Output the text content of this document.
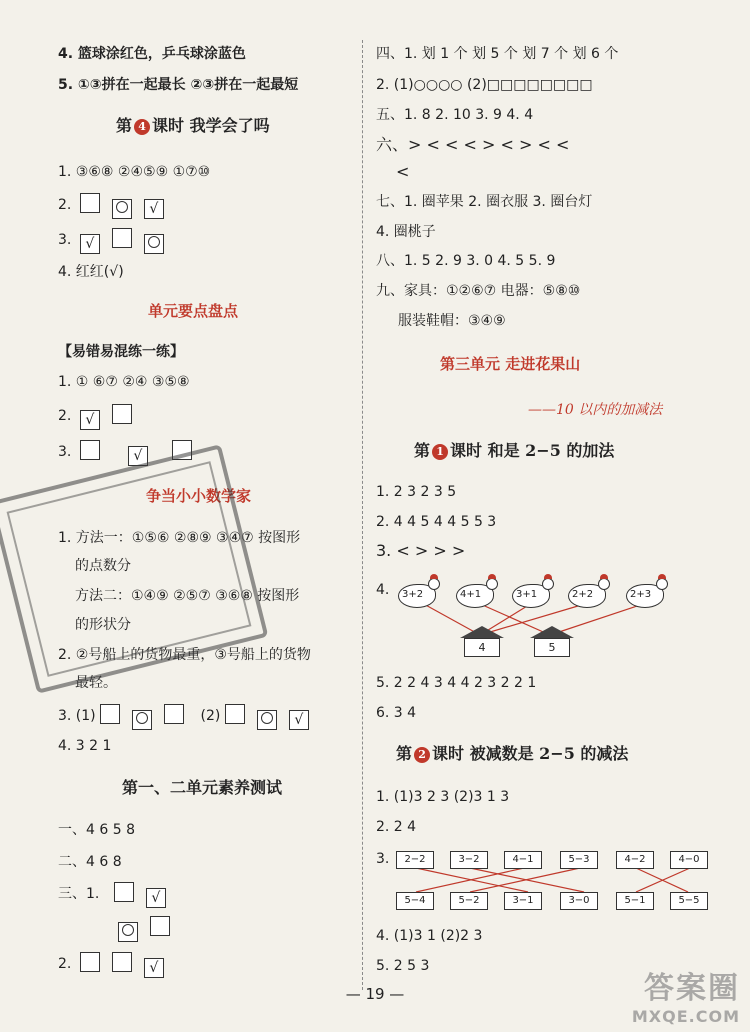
4. 篮球涂红色，乒乓球涂蓝色
5. ①③拼在一起最长 ②③拼在一起最短
第 4 课时 我学会了吗
1. ③⑥⑧ ②④⑤⑨ ①⑦⑩
2. √
3. √
4. 红红(√)
单元要点盘点
【易错易混练一练】
1. ① ⑥⑦ ②④ ③⑤⑧
2. √
3. √
争当小小数学家
1. 方法一：①⑤⑥ ②⑧⑨ ③④⑦ 按图形
的点数分
方法二：①④⑨ ②⑤⑦ ③⑥⑧ 按图形
的形状分
2. ②号船上的货物最重，③号船上的货物
最轻。
3. (1)	(2) √
4. 3 2 1
第一、二单元素养测试
一、4 6 5 8
二、4 6 8
三、1. √
2. √
四、1. 划 1 个 划 5 个 划 7 个 划 6 个
2. (1)○○○○ (2)□□□□□□□□
五、1. 8 2. 10 3. 9 4. 4
六、> < < < > < > < <
<
七、1. 圈苹果 2. 圈衣服 3. 圈台灯
4. 圈桃子
八、1. 5 2. 9 3. 0 4. 5 5. 9
九、家具：①②⑥⑦ 电器：⑤⑧⑩
服装鞋帽：③④⑨
第三单元 走进花果山
——10 以内的加减法
第 1 课时 和是 2−5 的加法
1. 2 3 2 3 5
2. 4 4 5 4 4 5 5 3
3. < > > >
4. 3+2	4+1	3+1	2+2	2+3
4	5
5. 2 2 4 3 4 4 2 3 2 2 1
6. 3 4
第 2 课时 被减数是 2−5 的减法
1. (1)3 2 3 (2)3 1 3
2. 2 4
3.	2−2	3−2	4−1	5−3	4−2	4−0
5−4	5−2	3−1	3−0	5−1	5−5
4. (1)3 1 (2)2 3
5. 2 5 3
— 19 —	答案圈
MXQE.COM
